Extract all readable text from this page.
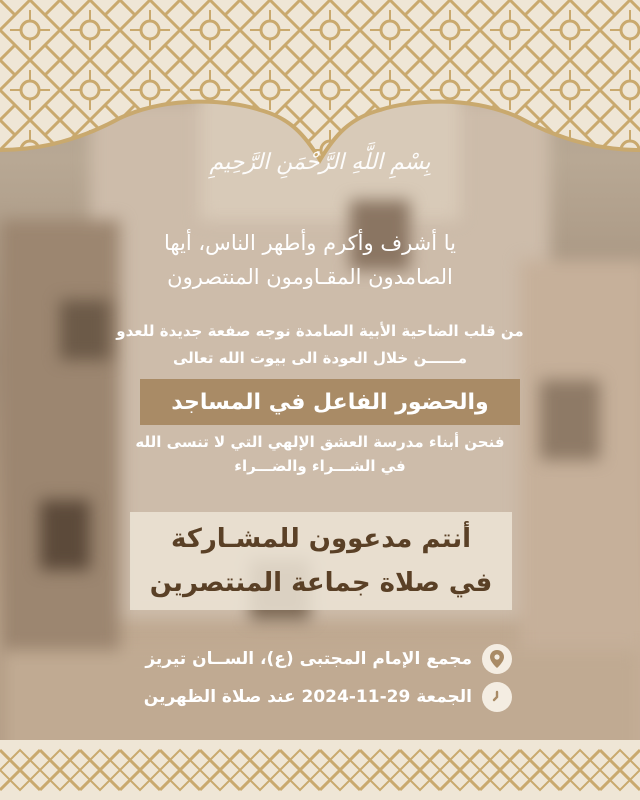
بِسْمِ اللَّهِ الرَّحْمَنِ الرَّحِيمِ
يا أشرف وأكرم وأطهر الناس، أيها
الصامدون المقـاومون المنتصرون
من قلب الضاحية الأبية الصامدة نوجه صفعة جديدة للعدو
مــــــن خلال العودة الى بيوت الله تعالى
والحضور الفاعل في المساجد
فنحن أبناء مدرسة العشق الإلهي التي لا تنسى الله
في الشـــراء والضـــراء
أنتم مدعوون للمشـاركة
في صلاة جماعة المنتصرين
مجمع الإمام المجتبى (ع)، الســان تيريز
الجمعة 29-11-2024 عند صلاة الظهرين
